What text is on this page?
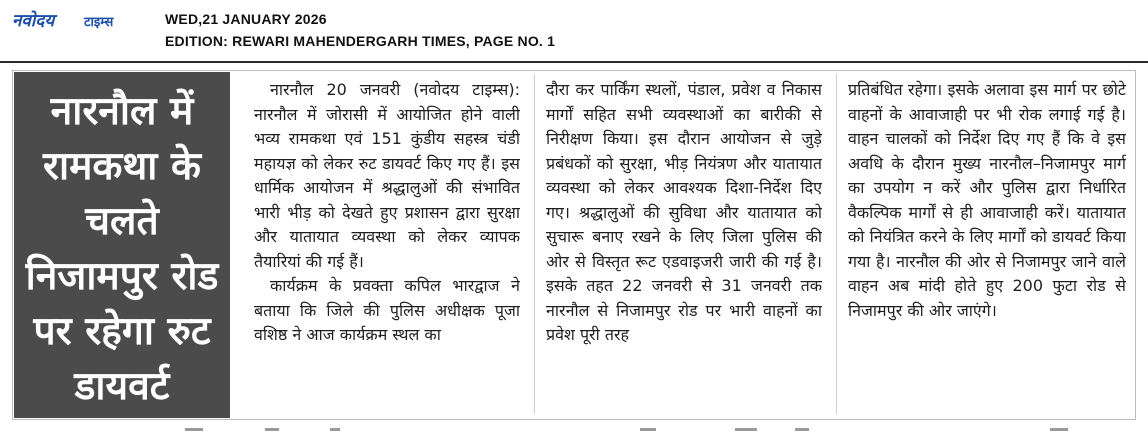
नवोदय टाइम्स	WED,21 JANUARY 2026
EDITION: REWARI MAHENDERGARH TIMES, PAGE NO. 1
नारनौल में रामकथा के चलते निजामपुर रोड पर रहेगा रुट डायवर्ट

नारनौल 20 जनवरी (नवोदय टाइम्स): नारनौल में जोरासी में आयोजित होने वाली भव्य रामकथा एवं 151 कुंडीय सहस्त्र चंडी महायज्ञ को लेकर रुट डायवर्ट किए गए हैं। इस धार्मिक आयोजन में श्रद्धालुओं की संभावित भारी भीड़ को देखते हुए प्रशासन द्वारा सुरक्षा और यातायात व्यवस्था को लेकर व्यापक तैयारियां की गई हैं।

कार्यक्रम के प्रवक्ता कपिल भारद्वाज ने बताया कि जिले की पुलिस अधीक्षक पूजा वशिष्ठ ने आज कार्यक्रम स्थल का

दौरा कर पार्किंग स्थलों, पंडाल, प्रवेश व निकास मार्गों सहित सभी व्यवस्थाओं का बारीकी से निरीक्षण किया। इस दौरान आयोजन से जुड़े प्रबंधकों को सुरक्षा, भीड़ नियंत्रण और यातायात व्यवस्था को लेकर आवश्यक दिशा-निर्देश दिए गए। श्रद्धालुओं की सुविधा और यातायात को सुचारू बनाए रखने के लिए जिला पुलिस की ओर से विस्तृत रूट एडवाइजरी जारी की गई है। इसके तहत 22 जनवरी से 31 जनवरी तक नारनौल से निजामपुर रोड पर भारी वाहनों का प्रवेश पूरी तरह

प्रतिबंधित रहेगा। इसके अलावा इस मार्ग पर छोटे वाहनों के आवाजाही पर भी रोक लगाई गई है। वाहन चालकों को निर्देश दिए गए हैं कि वे इस अवधि के दौरान मुख्य नारनौल–निजामपुर मार्ग का उपयोग न करें और पुलिस द्वारा निर्धारित वैकल्पिक मार्गों से ही आवाजाही करें। यातायात को नियंत्रित करने के लिए मार्गों को डायवर्ट किया गया है। नारनौल की ओर से निजामपुर जाने वाले वाहन अब मांदी होते हुए 200 फुटा रोड से निजामपुर की ओर जाएंगे।
